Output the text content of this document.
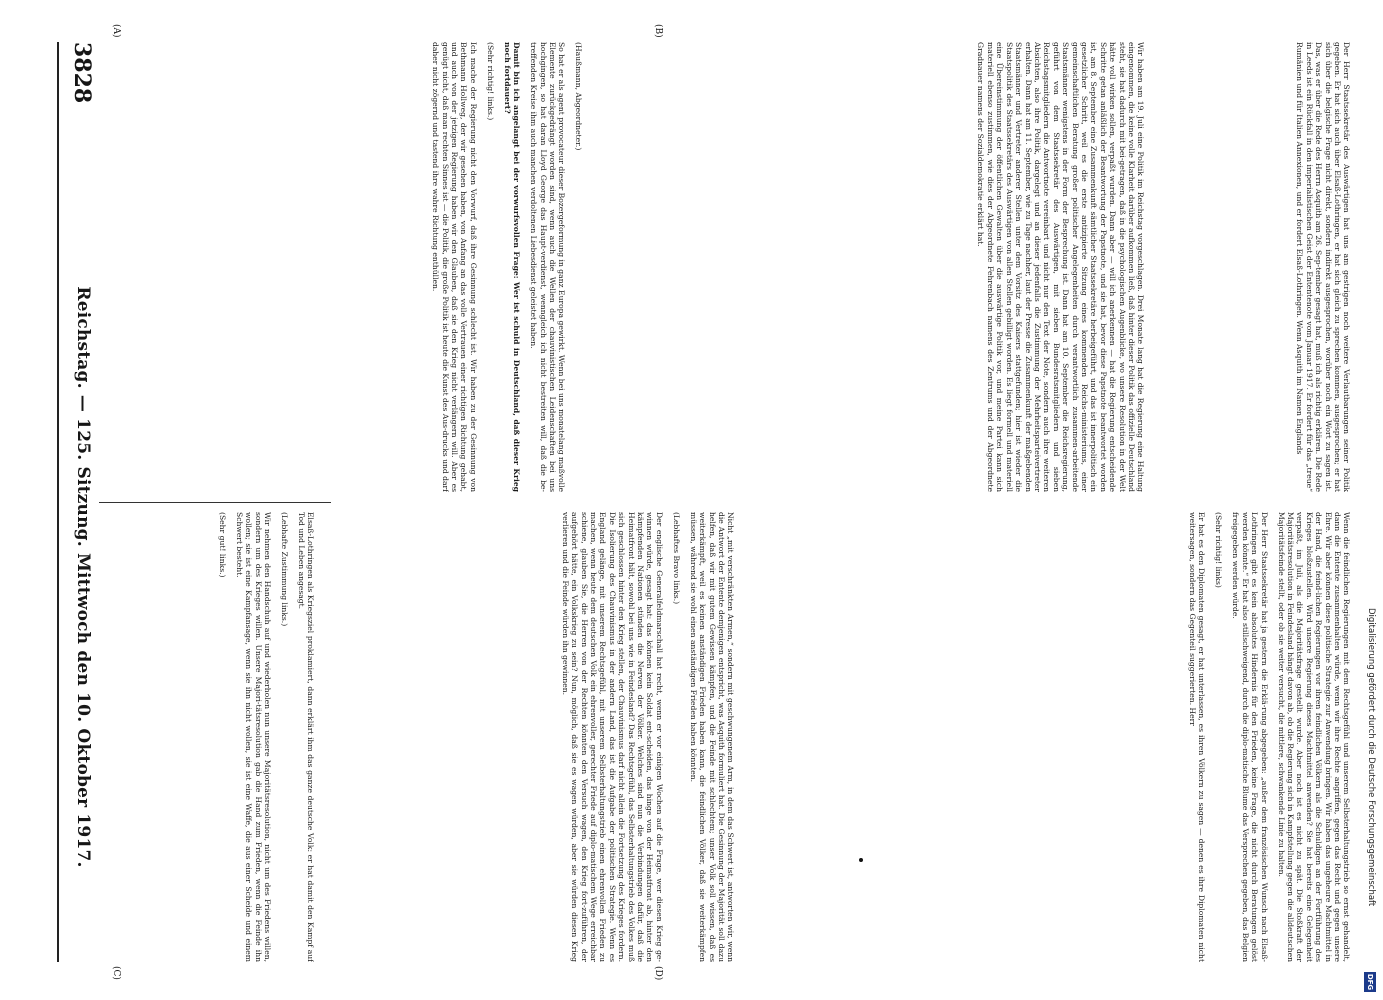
3828
Reichstag. — 125. Sitzung. Mittwoch den 10. Oktober 1917.

(Haußmann, Abgeordneter.)

So hat er als agent provocateur dieser Bozergeformung in ganz Europa gewirkt. Wenn bei uns monatelang maßvolle Elemente zurückgedrängt worden sind, wenn auch die Wellen der chauvinistischen Leidenschaften bei uns hochgingen, so hat daran Lloyd George das Haupt-verdienst, wenngleich ich nicht bestreiten will, daß die be-treffenden Kreise ihm auch manchen verdoltenen Liebesdienst geleistet haben.

Damit bin ich angelangt bei der vorwurfsvollen Frage: Wer ist schuld in Deutschland, daß dieser Krieg noch fortdauert?

(Sehr richtig! links.)

Ich mache der Regierung nicht den Vorwurf, daß ihre Gesinnung schlecht ist. Wir haben zu der Gesinnung von Bethmann Hollweg, der wir gesehen haben, von Anfang an das volle Vertrauen einer richtigen Richtung gehabt, und auch von der jetzigen Regierung haben wir den Glauben, daß sie den Krieg nicht verlängern will. Aber es genügt nicht, daß man rechten Sinnes ist — die Politik, die große Politik ist heute die Kunst des Aus-drucks und darf daher nicht zögernd und tastend ihre wahre Richtung enthüllen.	Wir haben am 19. Juli eine Politik im Reichstag vorgeschlagen. Drei Monate lang hat die Regierung eine Haltung eingenommen, die keine volle Klarheit darüber aufkommen ließ, daß hinter dieser Politik das offizielle Deutschland steht, sie hat dadurch mit bei-getragen, daß in die psychologischen Augenblicke, wo unsere Resolution in der Welt hätte voll wirken sollen, verpaßt wurden. Dann aber — will ich anerkennen — hat die Regierung entscheidende Schritte getan anläßlich der Beantwortung der Papstnote, und sie hat, bevor diese Papstnote beantwortet worden ist, am 8. September eine Zusammenkunft sämtlicher Staatssekretäre herbeigeführt, und das ist innerpolitisch ein gesetzlicher Schritt, weil es die erste antizipierte Sitzung eines kommenden Reichs-ministeriums, einer gemeinschaftlichen Beratung großer politischer Angelegenheiten durch verantwortlich zusammen-arbeitende Staatsmänner wenigstens in der Form der Besprechung ist. Dann hat am 10. September die Reichsregierung, geführt von dem Staatssekretär des Auswärtigen, mit sieben Bundesratsmitgliedern und sieben Reichstagsmitgliedern die Antwortnote vereinbart und nicht nur den Text der Note, sondern auch ihre weiteren Absichten, also ihre Politik, dargelegt und an dieser jedenfalls die Zustimmung der Mehrheitsparteivertreter erhalten. Dann hat am 11. September, wie zu Tage nachher, laut der Presse die Zusammenkunft der maßgebenden Staatsmänner und Vertreter anderer Stellen unter dem Vorsitz des Kaisers stattgefunden; hier ist wieder die Staatspolitik des Staatssekretärs des Auswärtigen von allen Stellen gebilligt worden. Es liegt formell und materiell eine Übereinstimmung der öffentlichen Gewalten über die auswärtige Politik vor, und meine Partei kann sich materiell ebenso zustimmen, wie dies der Abgeordnete Fehrenbach namens des Zentrums und der Abgeordnete Gradnauer namens der Sozialdemokratie erklärt hat.	Der Herr Staatssekretär des Auswärtigen hat uns am gestrigen noch weitere Verlautbarungen seiner Politik gegeben. Er hat sich auch über Elsaß-Lothringen, er hat sich gleich zu sprechen kommen, ausgesprochen; er hat sich über die belgische Frage nicht direkt, sondern indirekt ausgesprochen, worüber noch ein Wort zu sagen ist. Das, was er über die Rede des Herrn Asquith am 26. Sep-tember gesagt hat, muß ich als richtig erklären. Die Rede in Leeds ist ein Rückfall in den imperialistischen Geist der Ententenote vom Januar 1917. Er fordert für das „treue“ Rumänien und für Italien Annexionen, und er fordert Elsaß-Lothringen. Wenn Asquith im Namen Englands

Elsaß-Lothringen als Kriegsziel proklamiert, dann erklärt ihm das ganze deutsche Volk: er hat damit den Kampf auf Tod und Leben angesagt.

(Lebhafte Zustimmung links.)

Wir nehmen den Handschuh auf und wiederholen nun unsere Majoritätsresolution, nicht um des Friedens willen, sondern um des Krieges willen. Unsere Majori-tätsresolution gab die Hand zum Frieden, wenn die Feinde ihn wollen; sie ist eine Kampfansage, wenn sie ihn nicht wollen, sie ist eine Waffe, die aus einer Scheide und einem Schwert besteht.

(Sehr gut! links.)	Nicht „mit verschränkten Armen,“ sondern mit geschwungenem Arm, in dem das Schwert ist, antworten wir, wenn die Antwort der Entente demjenigen entspricht, was Asquith formuliert hat. Die Gesinnung der Majorität soll dazu helfen, daß wir mit gutem Gewissen kämpfen, und die Feinde mit schlechtem; unser Volk soll wissen, daß es weiterkämpft, weil es keinen anständigen Frieden haben kann, die feindlichen Völker, daß sie weiterkämpfen müssen, während sie wohl einen anständigen Frieden haben könnten.

(Lebhaftes Bravo links.)

Der englische Generalfeldmarschall hat recht, wenn er vor einigen Wochen auf die Frage, wer diesen Krieg ge-winnen würde, gesagt hat: das können kein Soldat ent-scheiden, das hinge von der Heimatfront ab, hinter den kämpfenden Nationen stünden die Nerven der Völker. Welches sind nun die Verbindungen dafür, daß die Heimatfront hält, sowohl bei uns wie in Feindesland? Das Rechtsgefühl, das Selbsterhaltungstrieb des Volkes muß sich geschlossen hinter den Krieg stellen, der Chauvinismus darf nicht allein die Fortsetzung des Krieges fordern. Die Isolierung des Chauvinismus in der andern Land, das ist die Aufgabe der politischen Strategie. Wenn es England gelänge, mit unserem Rechtsgefühl, mit unserem Selbsterhaltungstrieb einen ehrenvollen Frieden zu machen, wenn heute dem deutschen Volk ein ehrenvoller, gerechter Friede auf diplo-matischem Wege erreichbar schiene, glauben Sie, die Herren von der Rechten könnten den Versuch wagen, den Krieg fort-zuführen, der aufgehört hätte, ein Volkskrieg zu sein? Nun, möglich, daß sie es wagen würden, aber sie würden diesen Krieg verlieren und die Feinde würden ihn gewinnen.	Wenn die feindlichen Regierungen mit dem Rechtsgefühl und unserem Selbsterhaltungstrieb so ernst gehandelt, dann die Entente zusammenhalten würde, wenn wir ihre Rechte angriffen, gegen das Recht und gegen unsere Ehre. Wir aber können diese politische Strategie zur Anwendung bringen. Wir haben das ungeheure Machtmittel in der Hand, die feind-lichen Regierungen vor ihren feindlichen Völkern als die Schuldigen an der Fortführung des Krieges bloßzustellen. Wird unsere Regierung dieses Machtmittel anwenden? Sie hat bereits eine Gelegenheit verpaßt, im Juli, als die Majoritätsfrage gestellt wurde. Aber noch ist es nicht zu spät. Die Stoßkraft der Majoritätsresolution in Feindesland hängt davon ab, ob die Regierung sich in Kampfstellung gegen die alldeutschen Majoritätsfeinde stellt, oder ob sie weiter versucht, die mittlere, schwankende Linie zu halten.

Der Herr Staatssekretär hat ja gestern die Erklä-rung abgegeben: „außer dem französischen Wunsch nach Elsaß-Lothringen gibt es kein absolutes Hindernis für den Frieden, keine Frage, die nicht durch Beratungen gelöst werden könnte.“ Er hat also stillschweigend, durch die diplo-matische Blume das Versprechen gegeben, das Belgien freigegeben werden würde.

(Sehr richtig! links)

Er hat es den Diplomaten gesagt, er hat unterlassen, es ihren Völkern zu sagen — denen es ihre Diplomaten nicht weitersagen, sondern das Gegenteil suggerierten. Herr

(A)	(B)
(C)	(D)
Digitalisierung gefördert durch die Deutsche Forschungsgemeinschaft
DFG
